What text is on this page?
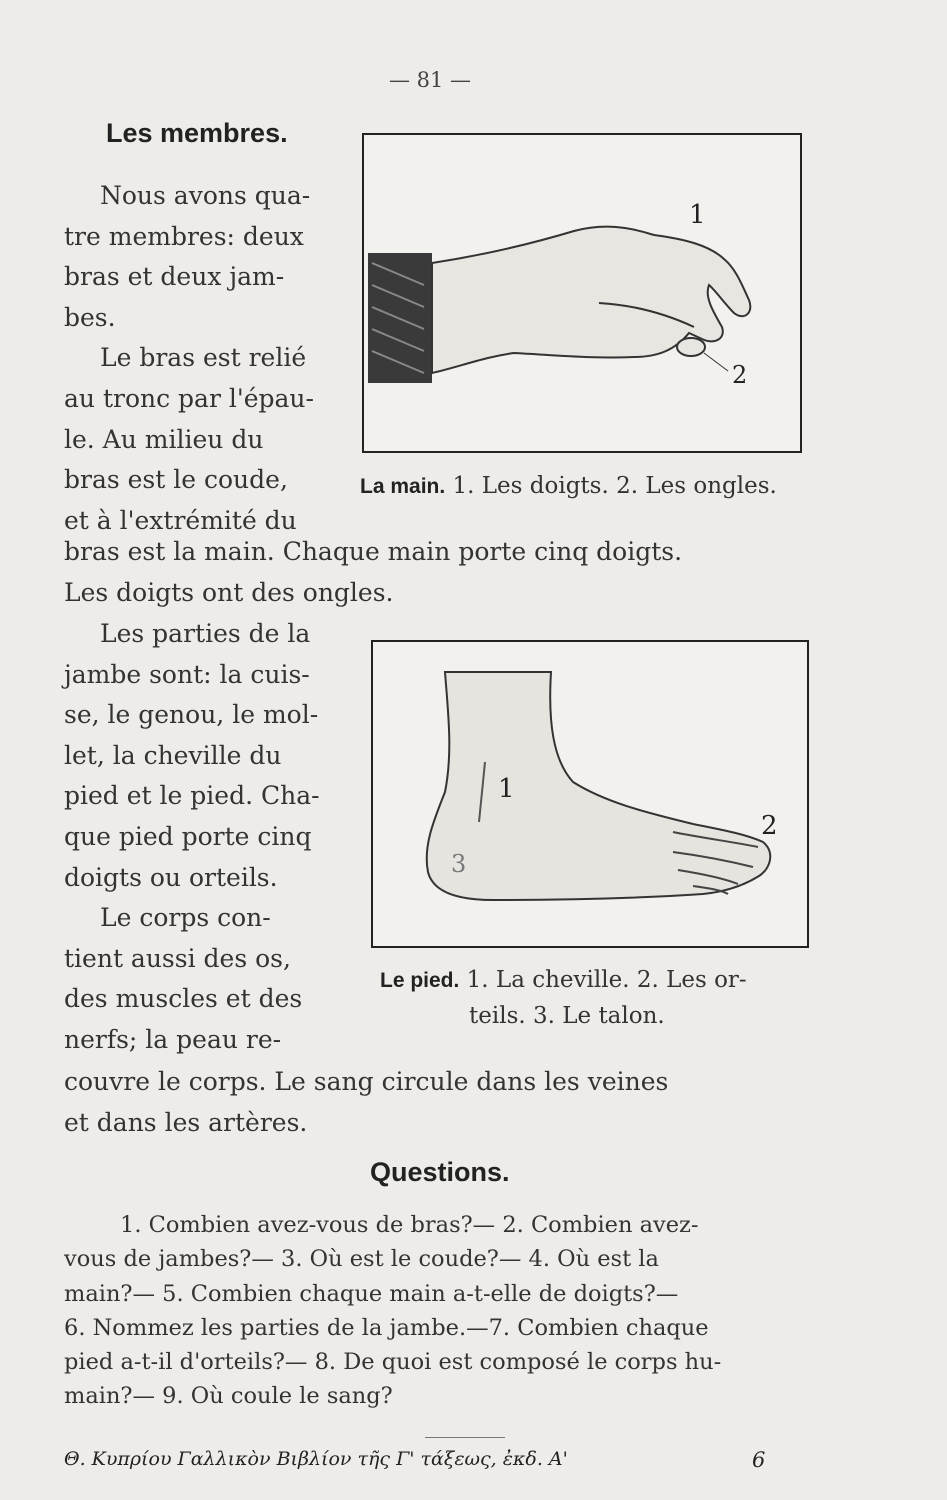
— 81 —
Les membres.
Nous avons qua-
tre membres: deux
bras et deux jam-
bes.
Le bras est relié
au tronc par l'épau-
le. Au milieu du
bras est le coude,
et à l'extrémité du
1
2
La main. 1. Les doigts. 2. Les ongles.
bras est la main. Chaque main porte cinq doigts.
Les doigts ont des ongles.
Les parties de la
jambe sont: la cuis-
se, le genou, le mol-
let, la cheville du
pied et le pied. Cha-
que pied porte cinq
doigts ou orteils.
Le corps con-
tient aussi des os,
des muscles et des
nerfs; la peau re-
1
2
3
Le pied. 1. La cheville. 2. Les or-
teils. 3. Le talon.
couvre le corps. Le sang circule dans les veines
et dans les artères.
Questions.
1. Combien avez-vous de bras?— 2. Combien avez-
vous de jambes?— 3. Où est le coude?— 4. Où est la
main?— 5. Combien chaque main a-t-elle de doigts?—
6. Nommez les parties de la jambe.—7. Combien chaque
pied a-t-il d'orteils?— 8. De quoi est composé le corps hu-
main?— 9. Où coule le sang?
Θ. Κυπρίου Γαλλικὸν Βιβλίον τῆς Γ' τάξεως, ἐκδ. Α'	6
